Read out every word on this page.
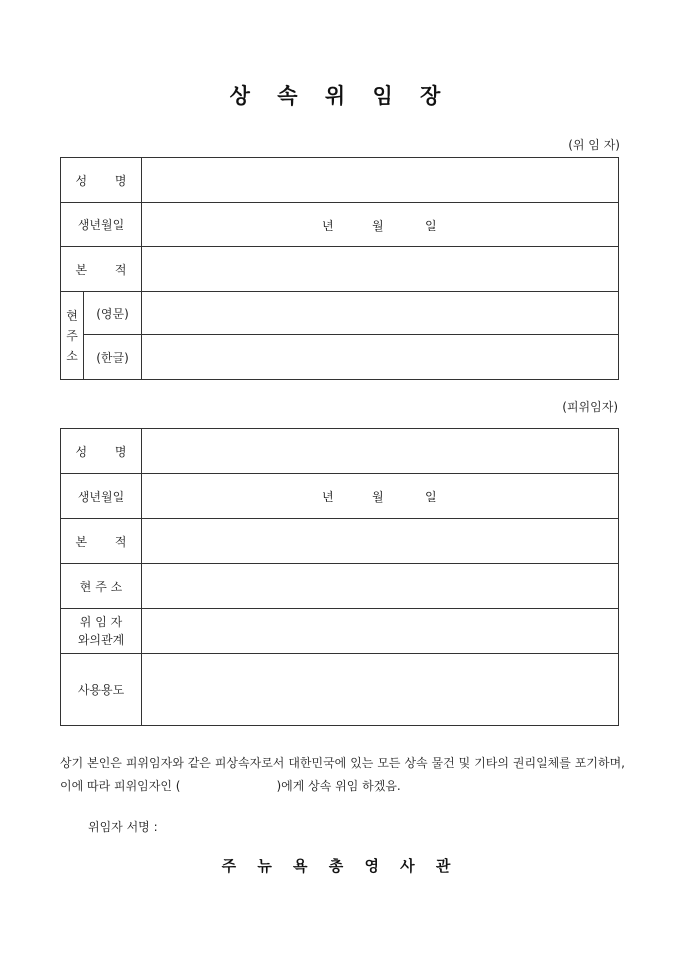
상 속 위 임 장
(위 임 자)
성 명		
생년월일		년 월 일

본 적		

현
주
소	(영문)	
	(한글)	
(피위임자)
성 명	
생년월일	년 월 일

본 적	
현 주 소	

위 임 자
와의관계	

사용용도	
상기 본인은 피위임자와 같은 피상속자로서 대한민국에 있는 모든 상속 물건 및 기타의 권리일체를 포기하며, 이에 따라 피위임자인 (	)에게 상속 위임 하겠음.
위임자 서명 :
주 뉴 욕 총 영 사 관
